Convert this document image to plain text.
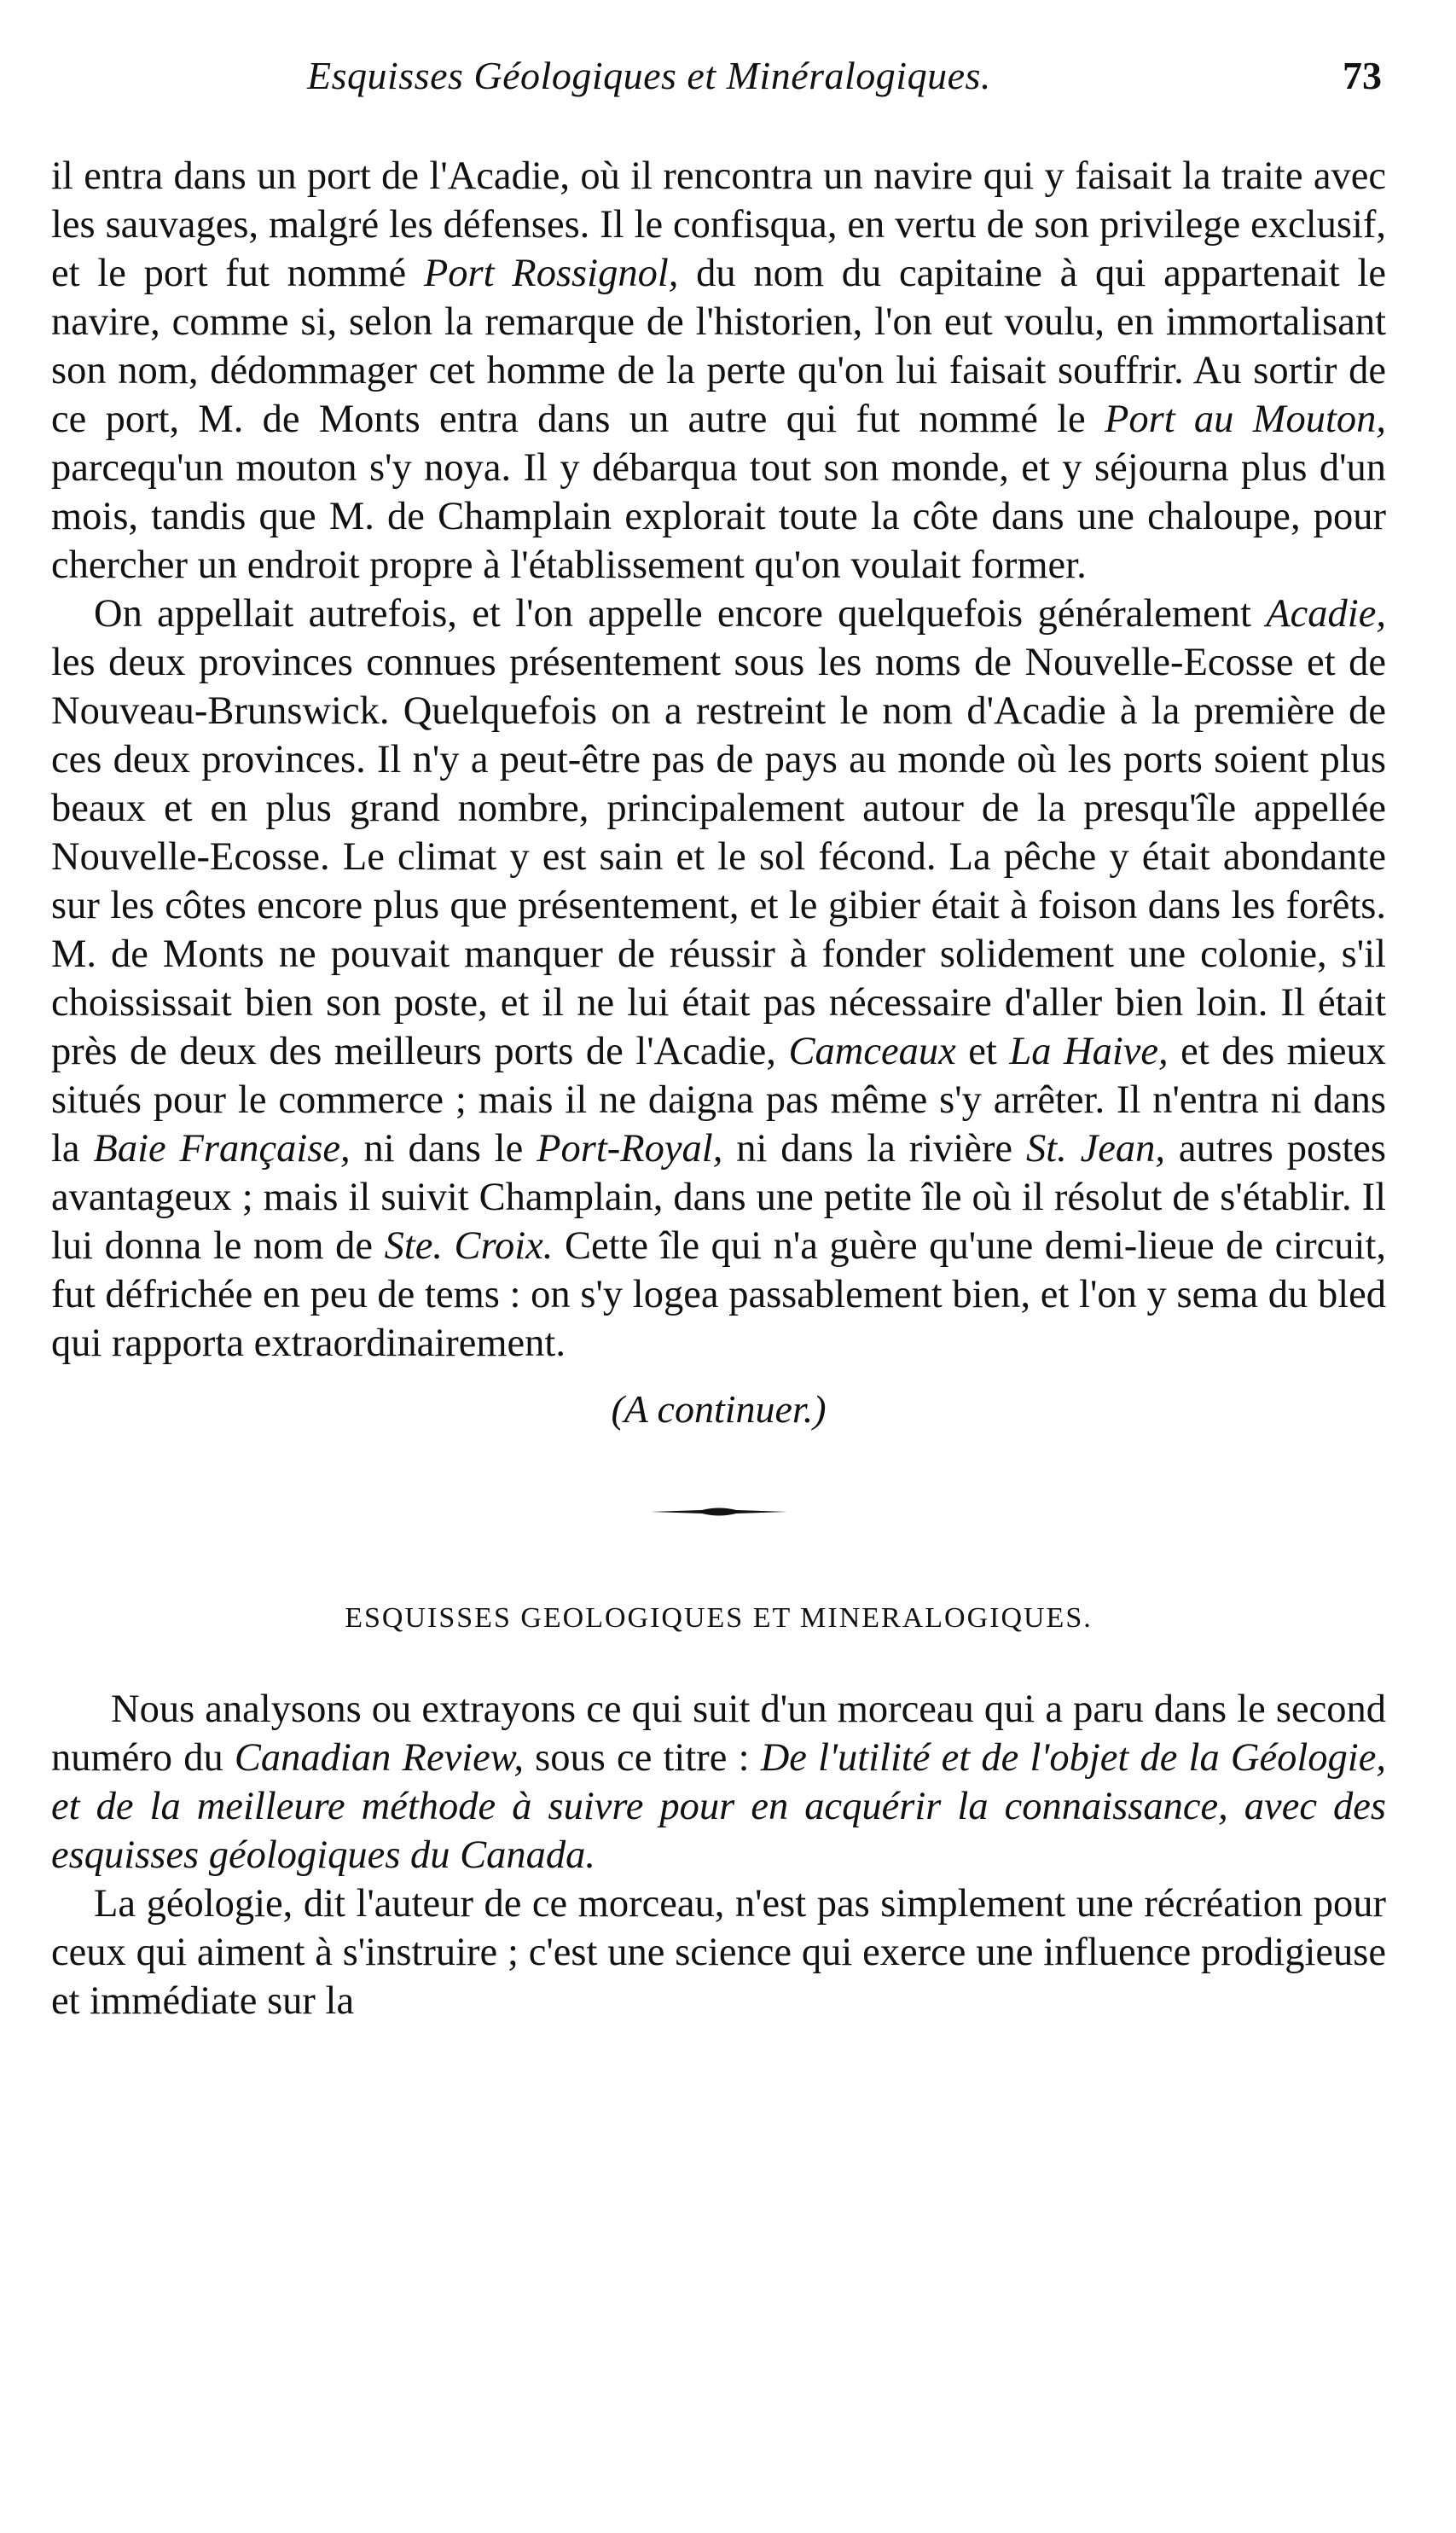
Esquisses Géologiques et Minéralogiques.	73

il entra dans un port de l'Acadie, où il rencontra un navire qui y faisait la traite avec les sauvages, malgré les défenses. Il le confisqua, en vertu de son privilege exclusif, et le port fut nommé Port Rossignol, du nom du capitaine à qui appartenait le navire, comme si, selon la remarque de l'historien, l'on eut voulu, en immortalisant son nom, dédommager cet homme de la perte qu'on lui faisait souffrir. Au sortir de ce port, M. de Monts entra dans un autre qui fut nommé le Port au Mouton, parcequ'un mouton s'y noya. Il y débarqua tout son monde, et y séjourna plus d'un mois, tandis que M. de Champlain explorait toute la côte dans une chaloupe, pour chercher un endroit propre à l'établissement qu'on voulait former.

On appellait autrefois, et l'on appelle encore quelquefois généralement Acadie, les deux provinces connues présentement sous les noms de Nouvelle-Ecosse et de Nouveau-Brunswick. Quelquefois on a restreint le nom d'Acadie à la première de ces deux provinces. Il n'y a peut-être pas de pays au monde où les ports soient plus beaux et en plus grand nombre, principalement autour de la presqu'île appellée Nouvelle-Ecosse. Le climat y est sain et le sol fécond. La pêche y était abondante sur les côtes encore plus que présentement, et le gibier était à foison dans les forêts. M. de Monts ne pouvait manquer de réussir à fonder solidement une colonie, s'il choississait bien son poste, et il ne lui était pas nécessaire d'aller bien loin. Il était près de deux des meilleurs ports de l'Acadie, Camceaux et La Haive, et des mieux situés pour le commerce ; mais il ne daigna pas même s'y arrêter. Il n'entra ni dans la Baie Française, ni dans le Port-Royal, ni dans la rivière St. Jean, autres postes avantageux ; mais il suivit Champlain, dans une petite île où il résolut de s'établir. Il lui donna le nom de Ste. Croix. Cette île qui n'a guère qu'une demi-lieue de circuit, fut défrichée en peu de tems : on s'y logea passablement bien, et l'on y sema du bled qui rapporta extraordinairement.

(A continuer.)

ESQUISSES GEOLOGIQUES ET MINERALOGIQUES.

Nous analysons ou extrayons ce qui suit d'un morceau qui a paru dans le second numéro du Canadian Review, sous ce titre : De l'utilité et de l'objet de la Géologie, et de la meilleure méthode à suivre pour en acquérir la connaissance, avec des esquisses géologiques du Canada.

La géologie, dit l'auteur de ce morceau, n'est pas simplement une récréation pour ceux qui aiment à s'instruire ; c'est une science qui exerce une influence prodigieuse et immédiate sur la
